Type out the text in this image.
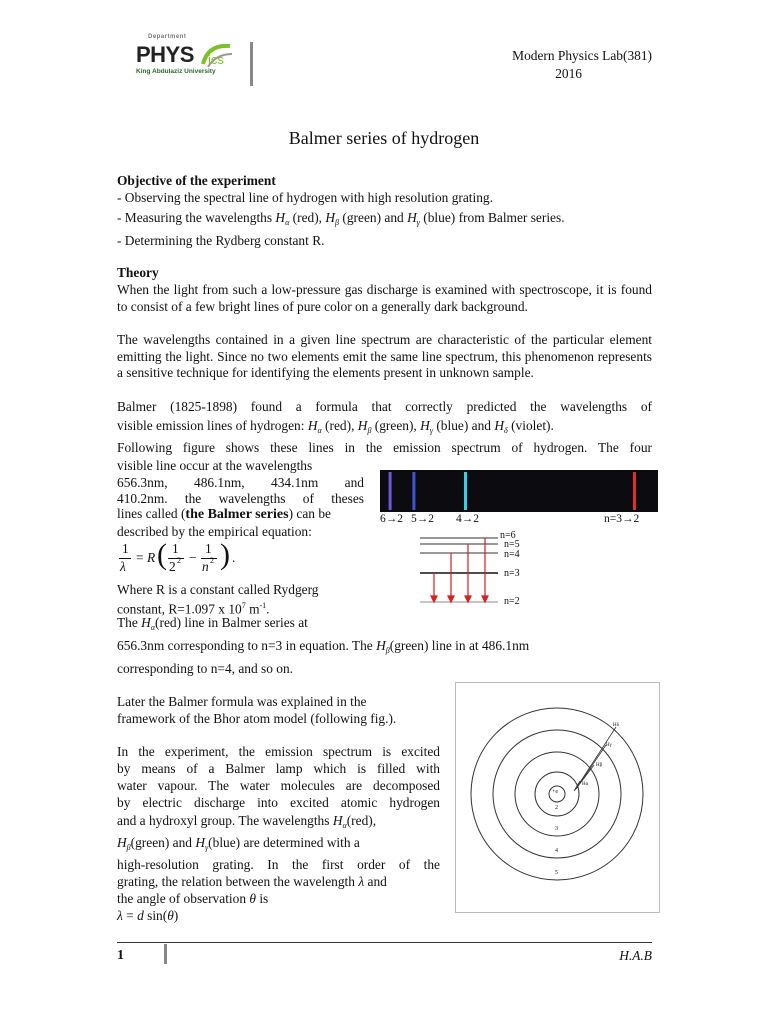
Department
PHYS ics
King Abdulaziz University
Modern Physics Lab(381)
2016
Balmer series of hydrogen
Objective of the experiment
- Observing the spectral line of hydrogen with high resolution grating.
- Measuring the wavelengths $H_\alpha$ (red), $H_\beta$ (green) and $H_\gamma$ (blue) from Balmer series.
- Determining the Rydberg constant R.
Theory

When the light from such a low-pressure gas discharge is examined with spectroscope, it is found to consist of a few bright lines of pure color on a generally dark background.

The wavelengths contained in a given line spectrum are characteristic of the particular element emitting the light. Since no two elements emit the same line spectrum, this phenomenon represents a sensitive technique for identifying the elements present in unknown sample.

Balmer (1825-1898) found a formula that correctly predicted the wavelengths of

visible emission lines of hydrogen: $H_\alpha$ (red), $H_\beta$ (green), $H_\gamma$ (blue) and $H_\delta$ (violet).

Following figure shows these lines in the emission spectrum of hydrogen. The four

visible line occur at the wavelengths

656.3nm, 486.1nm, 434.1nm and

410.2nm. the wavelengths of theses

lines called (the Balmer series) can be
described by the empirical equation:
1
λ
= R ( 1
2 2 −
1
n 2 ) .
Where R is a constant called Rydgerg
constant, R=1.097 x $10^7$ $m^{-1}$.
The $H_\alpha(red)$ line in Balmer series at
656.3nm corresponding to n=3 in equation. The $H_\beta(green)$ line in at 486.1nm
corresponding to n=4, and so on.
6→2 5→2 4→2	n=3→2
n=6
n=5
n=4
n=3
n=2
Later the Balmer formula was explained in the
framework of the Bhor atom model (following fig.).

In the experiment, the emission spectrum is excited

by means of a Balmer lamp which is filled with

water vapour. The water molecules are decomposed

by electric discharge into excited atomic hydrogen

and a hydroxyl group. The wavelengths $H_\alpha(red)$,
$H_\beta(green)$ and $H_\gamma(blue)$ are determined with a

high-resolution grating. In the first order of the

grating, the relation between the wavelength λ and
the angle of observation θ is
λ = d sin(θ)
+e
2
3
4
5
Hα
Hβ
Hγ
Hδ
1	H.A.B
